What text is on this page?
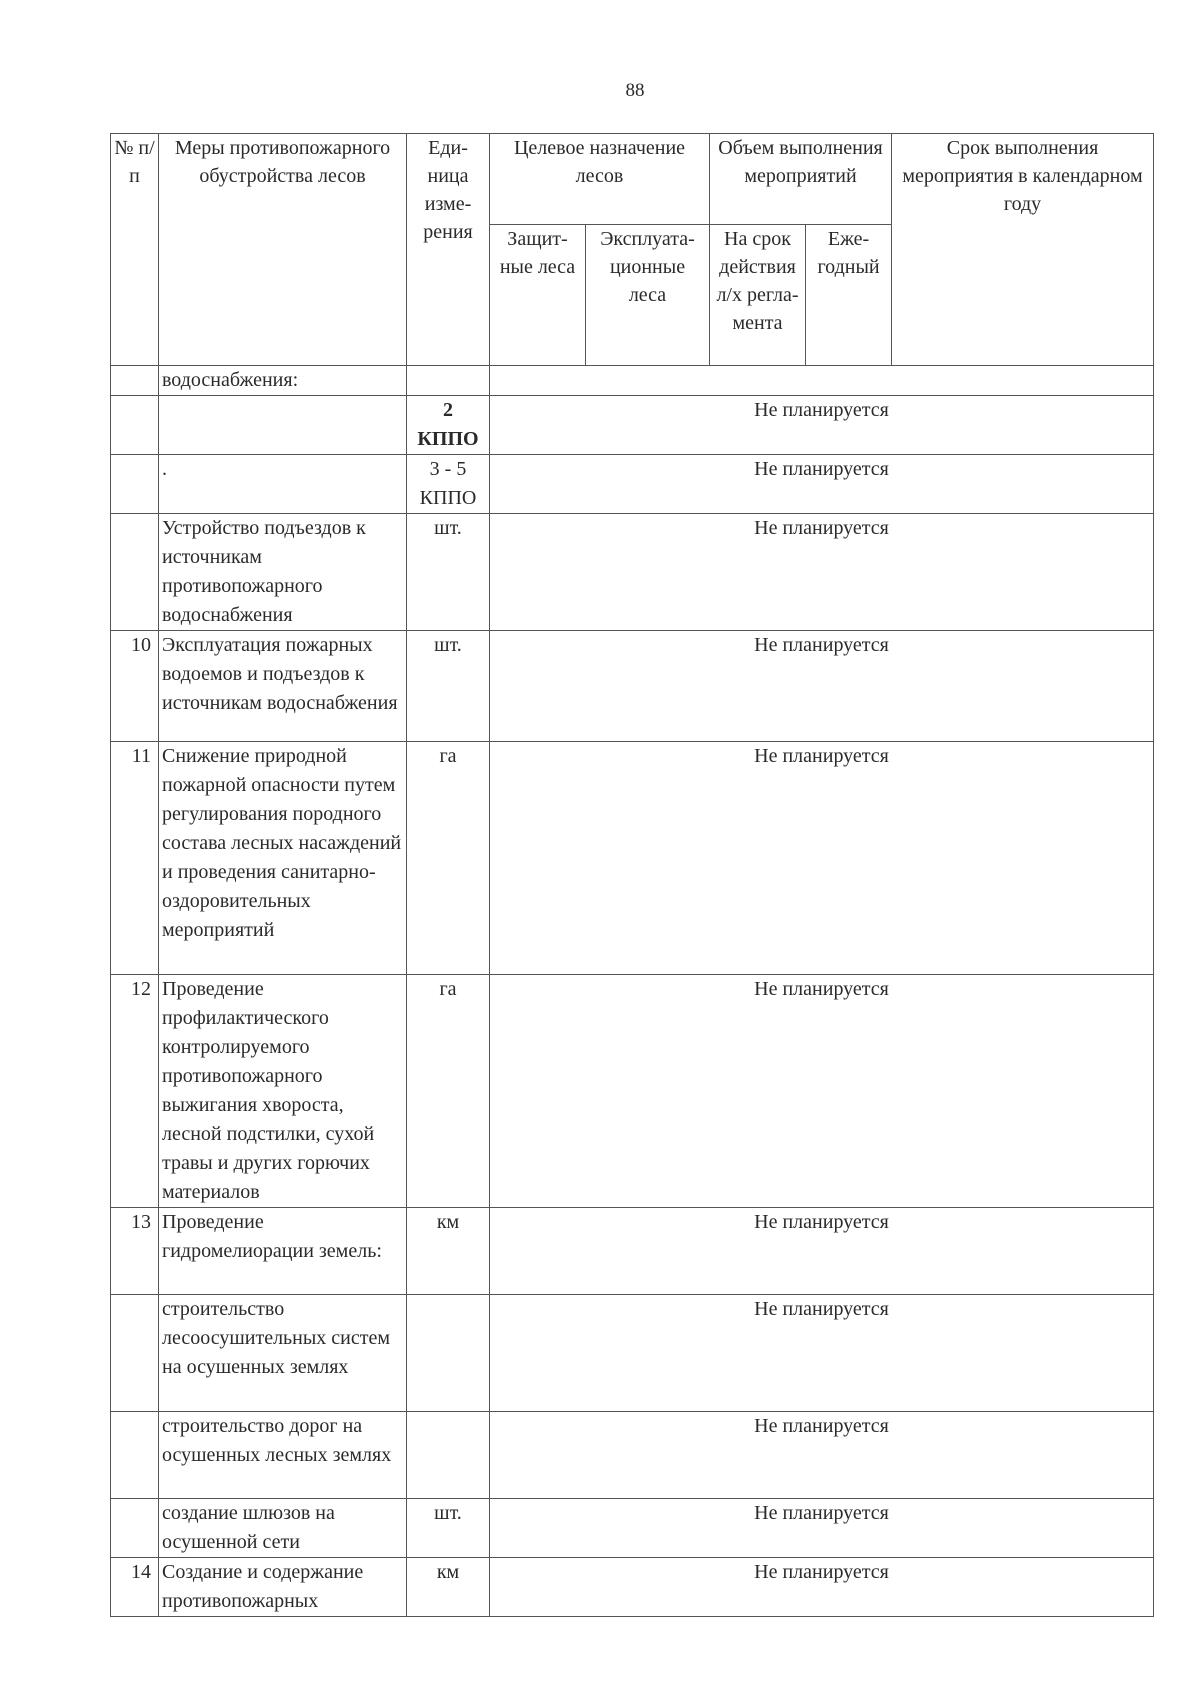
88
№ п/п	Меры противопожарного обустройства лесов	Еди-ница изме-рения	Целевое назначение лесов		Объем выполнения мероприятий		Срок выполнения мероприятия в календарном году
			Защит-ные леса	Эксплуата-ционные леса	На срок действия л/х регла-мента	Еже-годный	
	водоснабжения:						
		2 КППО	Не планируется				
	.	3 - 5 КППО	Не планируется				
	Устройство подъездов к источникам противопожарного водоснабжения	шт.	Не планируется				
10	Эксплуатация пожарных водоемов и подъездов к источникам водоснабжения	шт.	Не планируется				
11	Снижение природной пожарной опасности путем регулирования породного состава лесных насаждений и проведения санитарно-оздоровительных мероприятий	га	Не планируется				
12	Проведение профилактического контролируемого противопожарного выжигания хвороста, лесной подстилки, сухой травы и других горючих материалов	га	Не планируется				
13	Проведение гидромелиорации земель:	км	Не планируется				
	строительство лесоосушительных систем на осушенных землях		Не планируется				
	строительство дорог на осушенных лесных землях		Не планируется				
	создание шлюзов на осушенной сети	шт.	Не планируется				
14	Создание и содержание противопожарных	км	Не планируется				
